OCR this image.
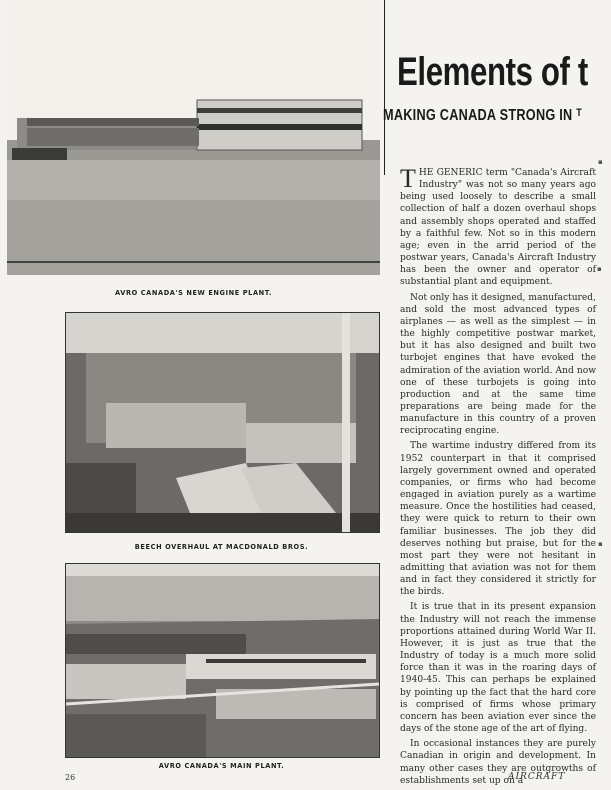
AVRO CANADA'S NEW ENGINE PLANT.
BEECH OVERHAUL AT MACDONALD BROS.
AVRO CANADA'S MAIN PLANT.
Elements of t
MAKING CANADA STRONG IN $^T$

THE GENERIC term "Canada's Aircraft Industry" was not so many years ago being used loosely to describe a small collection of half a dozen overhaul shops and assembly shops operated and staffed by a faithful few. Not so in this modern age; even in the arrid period of the postwar years, Canada's Aircraft Industry has been the owner and operator of substantial plant and equipment.

Not only has it designed, manufactured, and sold the most advanced types of airplanes — as well as the simplest — in the highly competitive postwar market, but it has also designed and built two turbojet engines that have evoked the admiration of the aviation world. And now one of these turbojets is going into production and at the same time preparations are being made for the manufacture in this country of a proven reciprocating engine.

The wartime industry differed from its 1952 counterpart in that it comprised largely government owned and operated companies, or firms who had become engaged in aviation purely as a wartime measure. Once the hostilities had ceased, they were quick to return to their own familiar businesses. The job they did deserves nothing but praise, but for the most part they were not hesitant in admitting that aviation was not for them and in fact they considered it strictly for the birds.

It is true that in its present expansion the Industry will not reach the immense proportions attained during World War II. However, it is just as true that the Industry of today is a much more solid force than it was in the roaring days of 1940-45. This can perhaps be explained by pointing up the fact that the hard core is comprised of firms whose primary concern has been aviation ever since the days of the stone age of the art of flying.

In occasional instances they are purely Canadian in origin and development. In many other cases they are outgrowths of establishments set up on a

▪
▪
▪
26	AIRCRAFT
